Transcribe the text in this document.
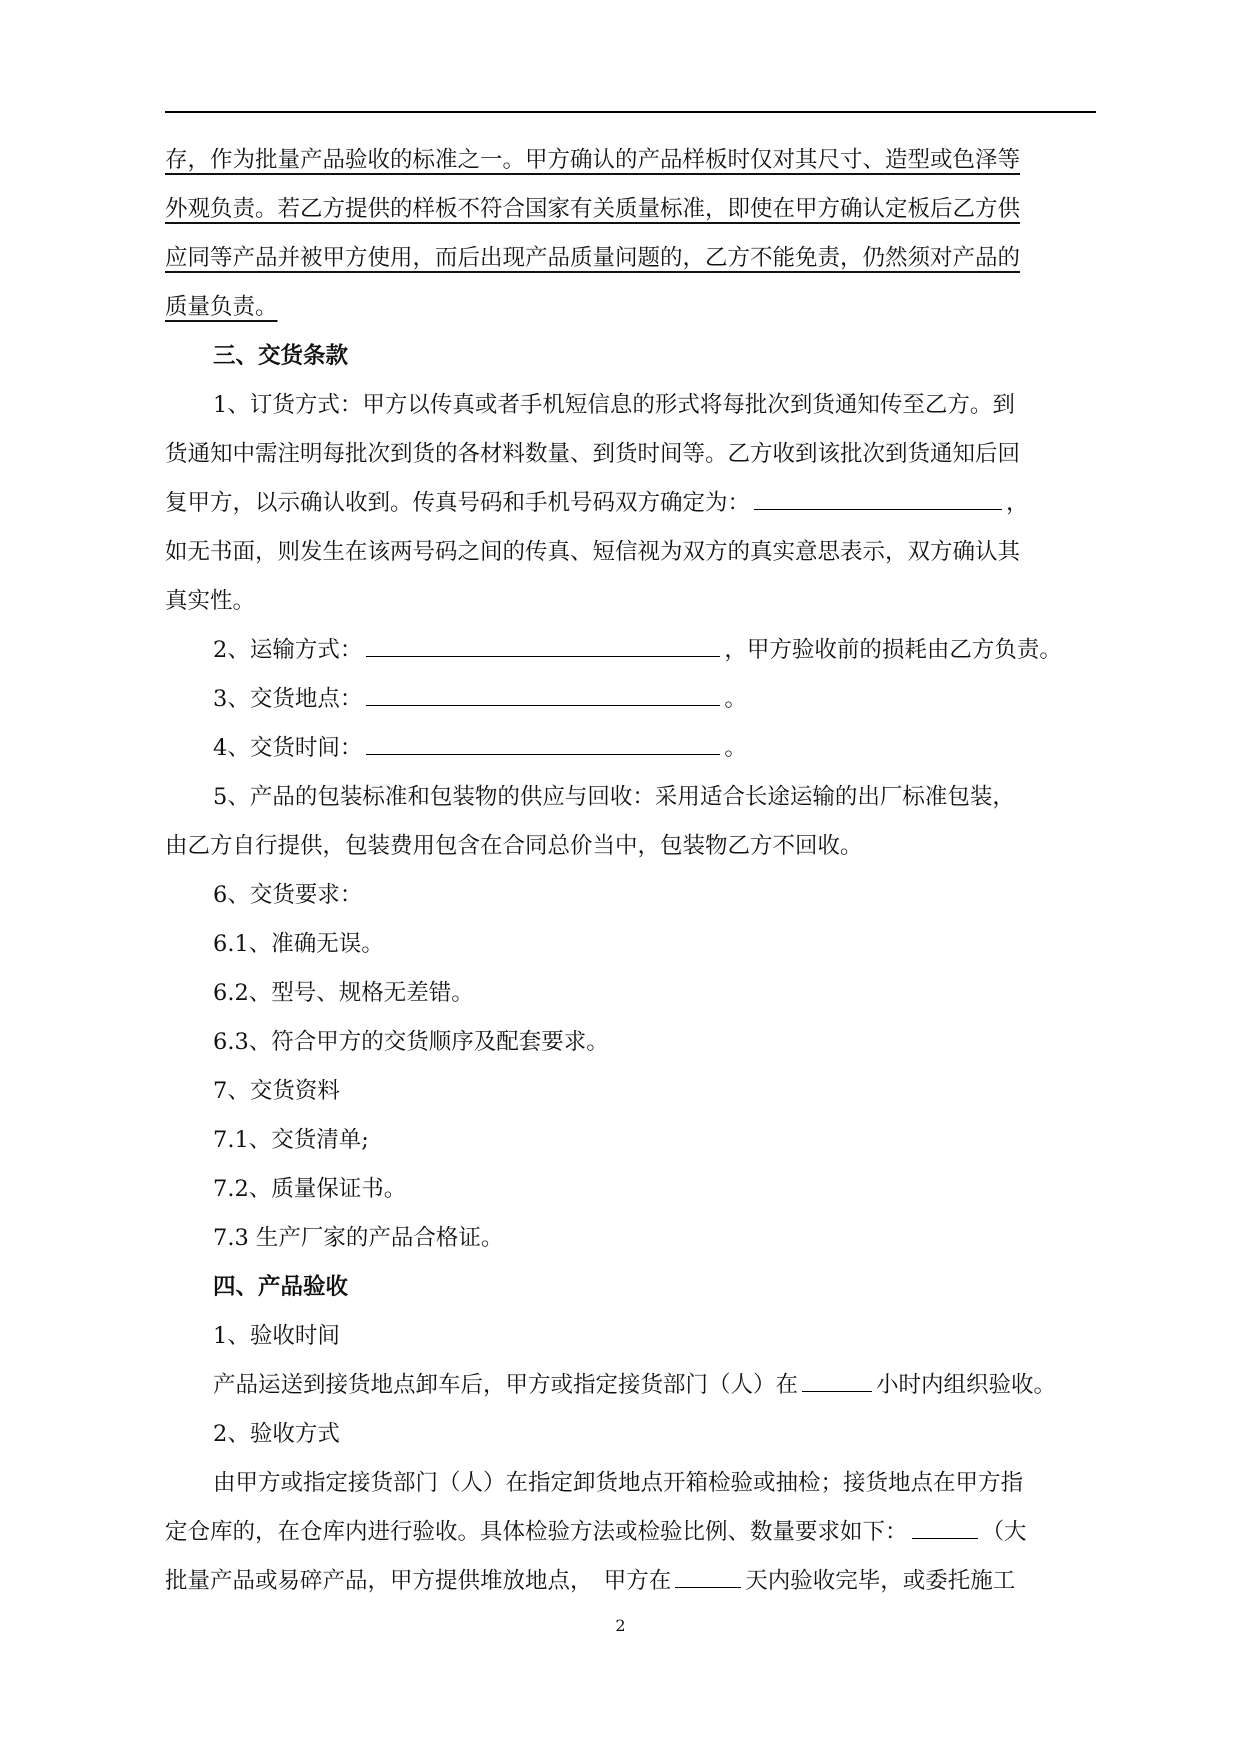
存，作为批量产品验收的标准之一。甲方确认的产品样板时仅对其尺寸、造型或色泽等

外观负责。若乙方提供的样板不符合国家有关质量标准，即使在甲方确认定板后乙方供

应同等产品并被甲方使用，而后出现产品质量问题的，乙方不能免责，仍然须对产品的

质量负责。

三、交货条款

1、订货方式：甲方以传真或者手机短信息的形式将每批次到货通知传至乙方。到

货通知中需注明每批次到货的各材料数量、到货时间等。乙方收到该批次到货通知后回

复甲方，以示确认收到。传真号码和手机号码双方确定为：	，

如无书面，则发生在该两号码之间的传真、短信视为双方的真实意思表示，双方确认其

真实性。

2、运输方式：	，甲方验收前的损耗由乙方负责。

3、交货地点：	。

4、交货时间：	。

5、产品的包装标准和包装物的供应与回收：采用适合长途运输的出厂标准包装，

由乙方自行提供，包装费用包含在合同总价当中，包装物乙方不回收。

6、交货要求：

6.1、准确无误。

6.2、型号、规格无差错。

6.3、符合甲方的交货顺序及配套要求。

7、交货资料

7.1、交货清单;

7.2、质量保证书。

7.3 生产厂家的产品合格证。

四、产品验收

1、验收时间

产品运送到接货地点卸车后，甲方或指定接货部门（人）在	小时内组织验收。

2、验收方式

由甲方或指定接货部门（人）在指定卸货地点开箱检验或抽检；接货地点在甲方指

定仓库的，在仓库内进行验收。具体检验方法或检验比例、数量要求如下：	（大

批量产品或易碎产品，甲方提供堆放地点，　甲方在	天内验收完毕，或委托施工

2
